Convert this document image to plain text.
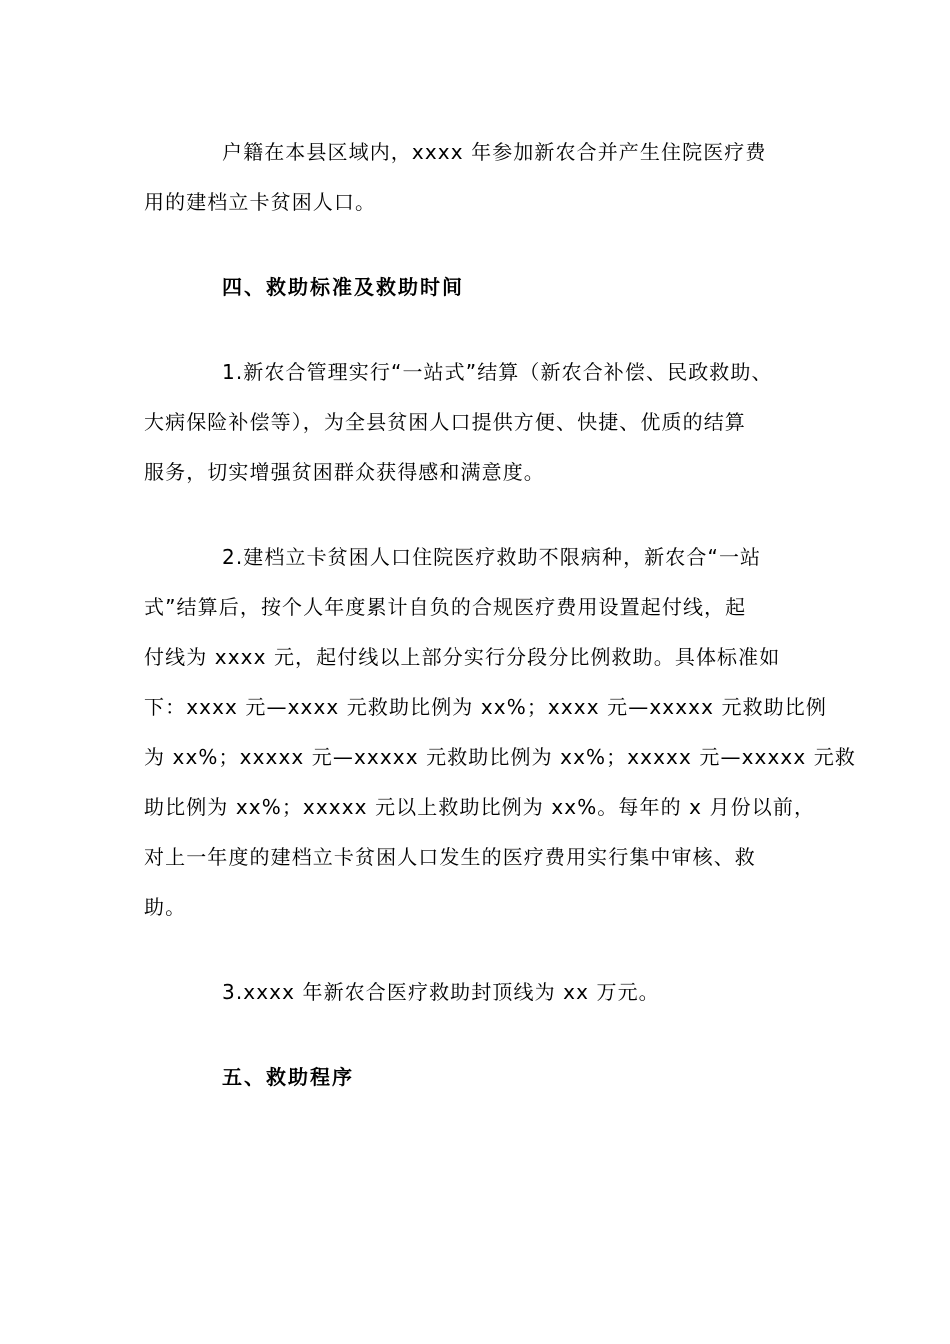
户籍在本县区域内，xxxx 年参加新农合并产生住院医疗费
用的建档立卡贫困人口。
四、救助标准及救助时间
1.新农合管理实行“一站式”结算（新农合补偿、民政救助、
大病保险补偿等），为全县贫困人口提供方便、快捷、优质的结算
服务，切实增强贫困群众获得感和满意度。
2.建档立卡贫困人口住院医疗救助不限病种，新农合“一站
式”结算后，按个人年度累计自负的合规医疗费用设置起付线，起
付线为 xxxx 元，起付线以上部分实行分段分比例救助。具体标准如
下：xxxx 元—xxxx 元救助比例为 xx%；xxxx 元—xxxxx 元救助比例
为 xx%；xxxxx 元—xxxxx 元救助比例为 xx%；xxxxx 元—xxxxx 元救
助比例为 xx%；xxxxx 元以上救助比例为 xx%。每年的 x 月份以前，
对上一年度的建档立卡贫困人口发生的医疗费用实行集中审核、救
助。
3.xxxx 年新农合医疗救助封顶线为 xx 万元。
五、救助程序
